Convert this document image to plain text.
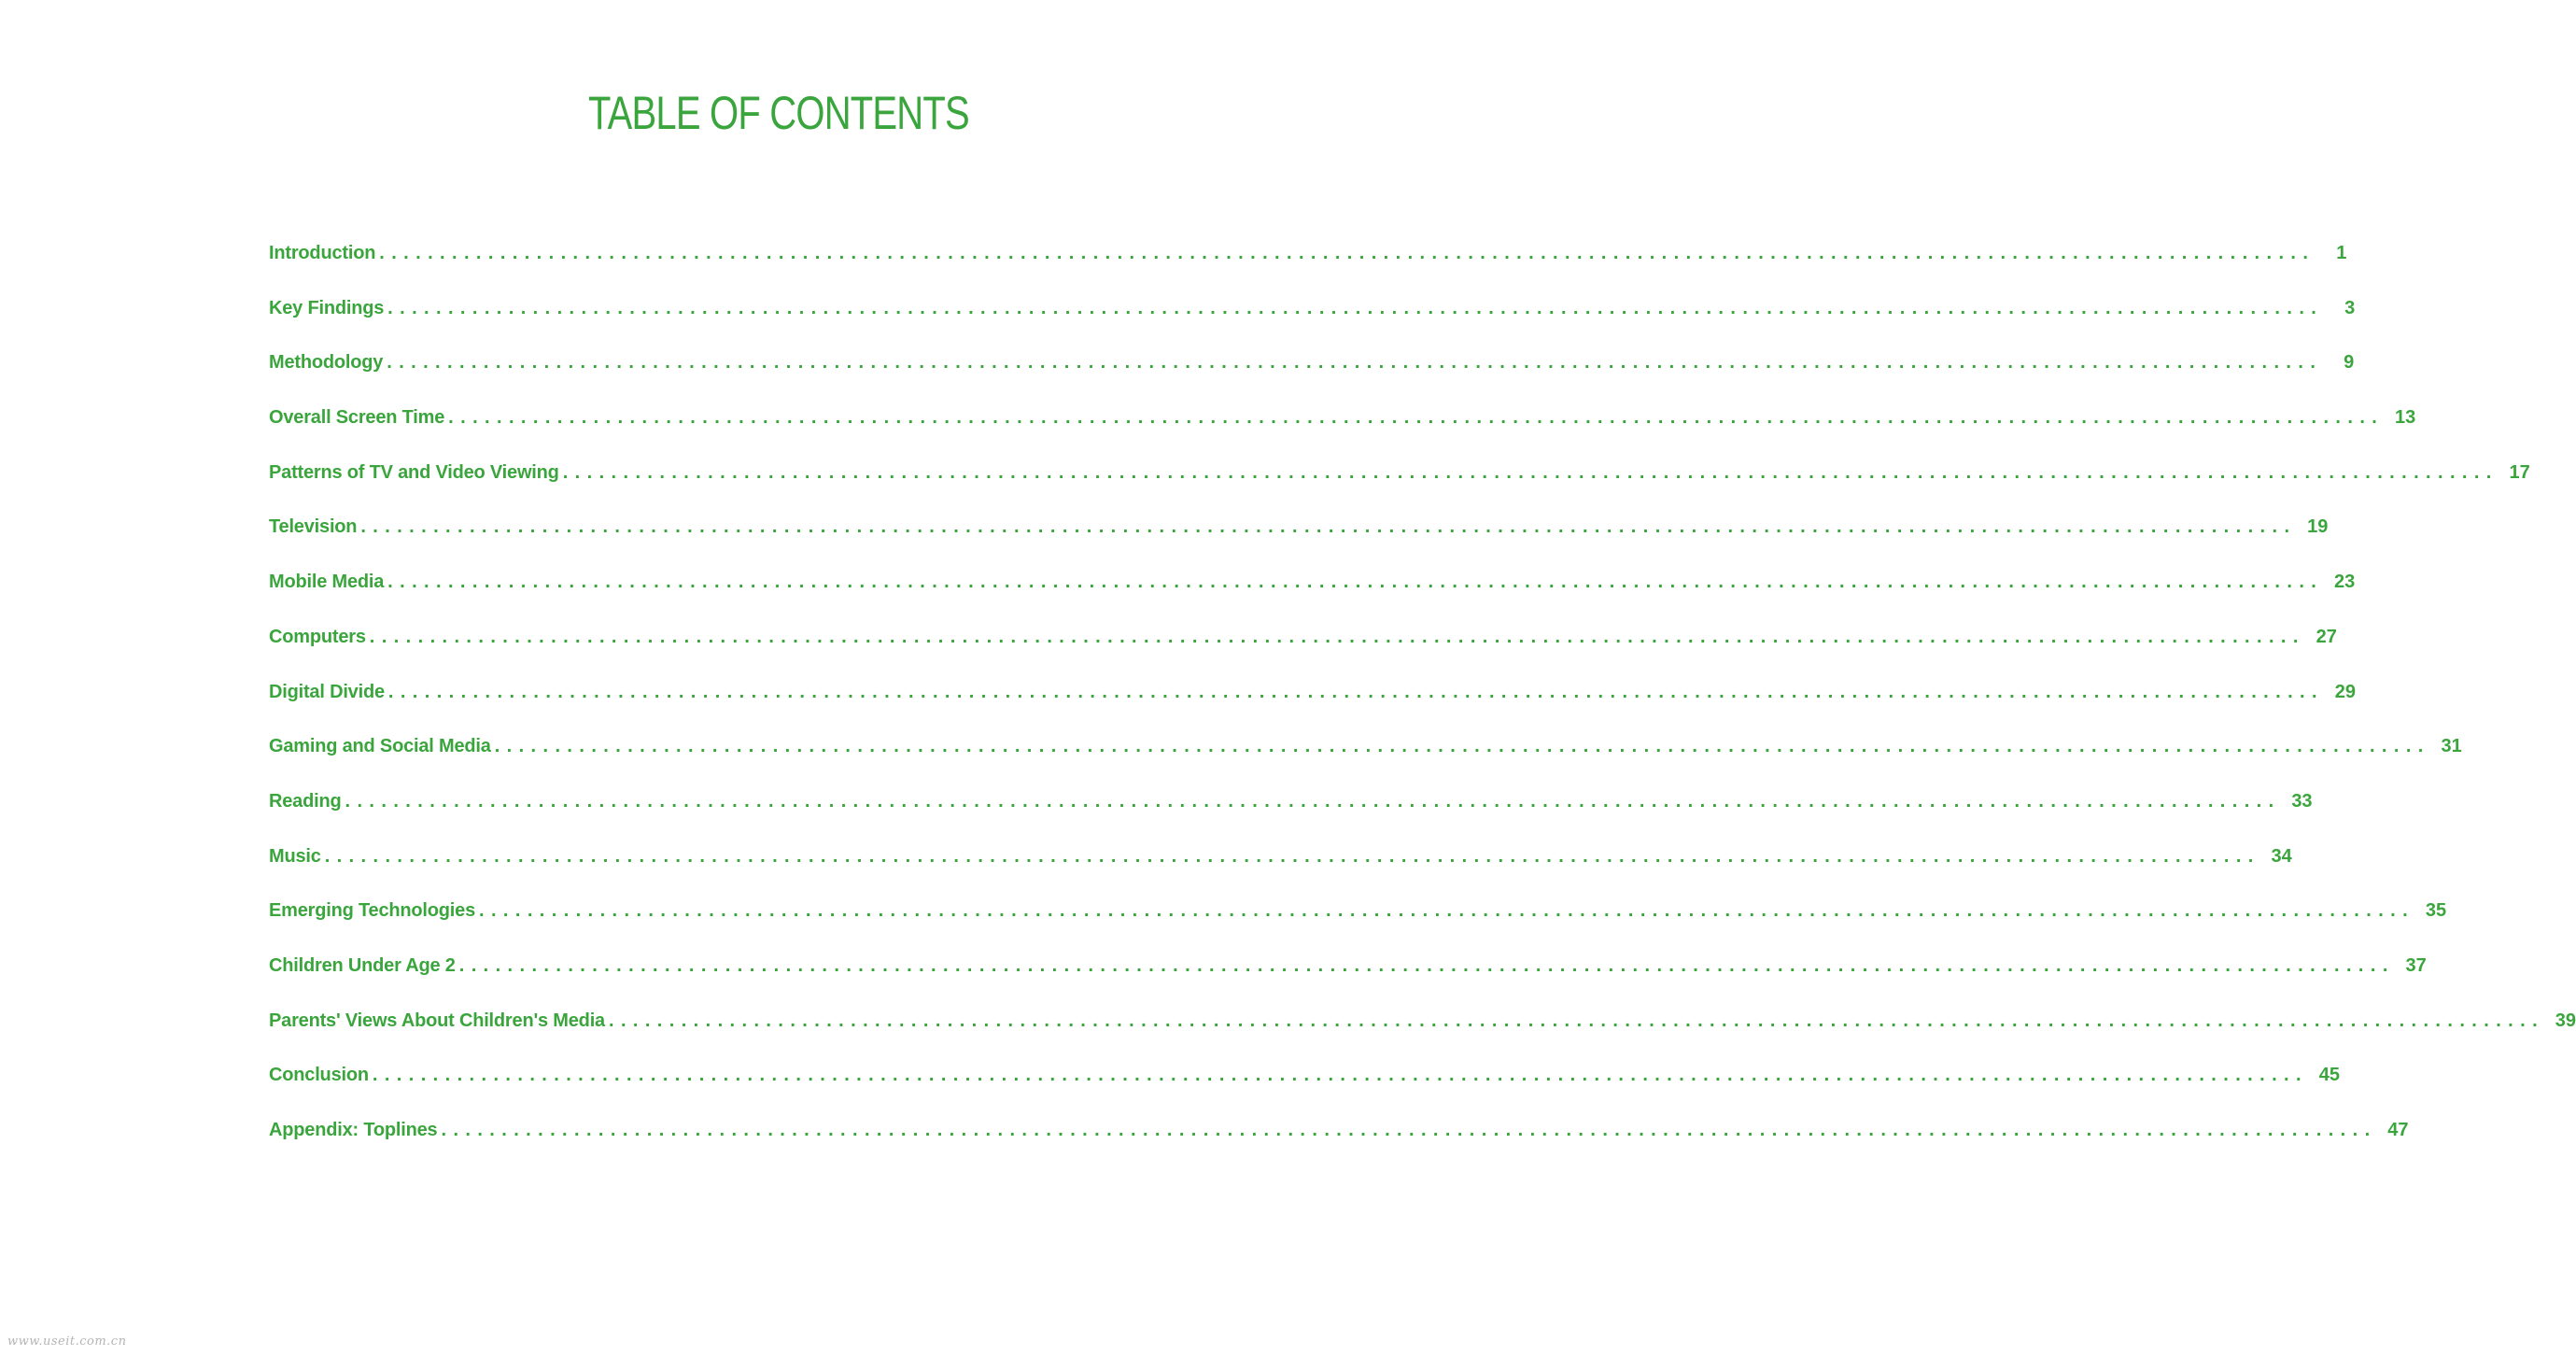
TABLE OF CONTENTS
Introduction ................................................................................................................................................................	1
Key Findings ................................................................................................................................................................	3
Methodology ................................................................................................................................................................	9
Overall Screen Time ................................................................................................................................................................ 13
Patterns of TV and Video Viewing ................................................................................................................................................................ 17
Television ................................................................................................................................................................ 19
Mobile Media ................................................................................................................................................................ 23
Computers ................................................................................................................................................................ 27
Digital Divide ................................................................................................................................................................ 29
Gaming and Social Media ................................................................................................................................................................ 31
Reading ................................................................................................................................................................ 33
Music ................................................................................................................................................................ 34
Emerging Technologies ................................................................................................................................................................ 35
Children Under Age 2 ................................................................................................................................................................ 37
Parents' Views About Children's Media ................................................................................................................................................................ 39
Conclusion ................................................................................................................................................................ 45
Appendix: Toplines ................................................................................................................................................................ 47
www.useit.com.cn
